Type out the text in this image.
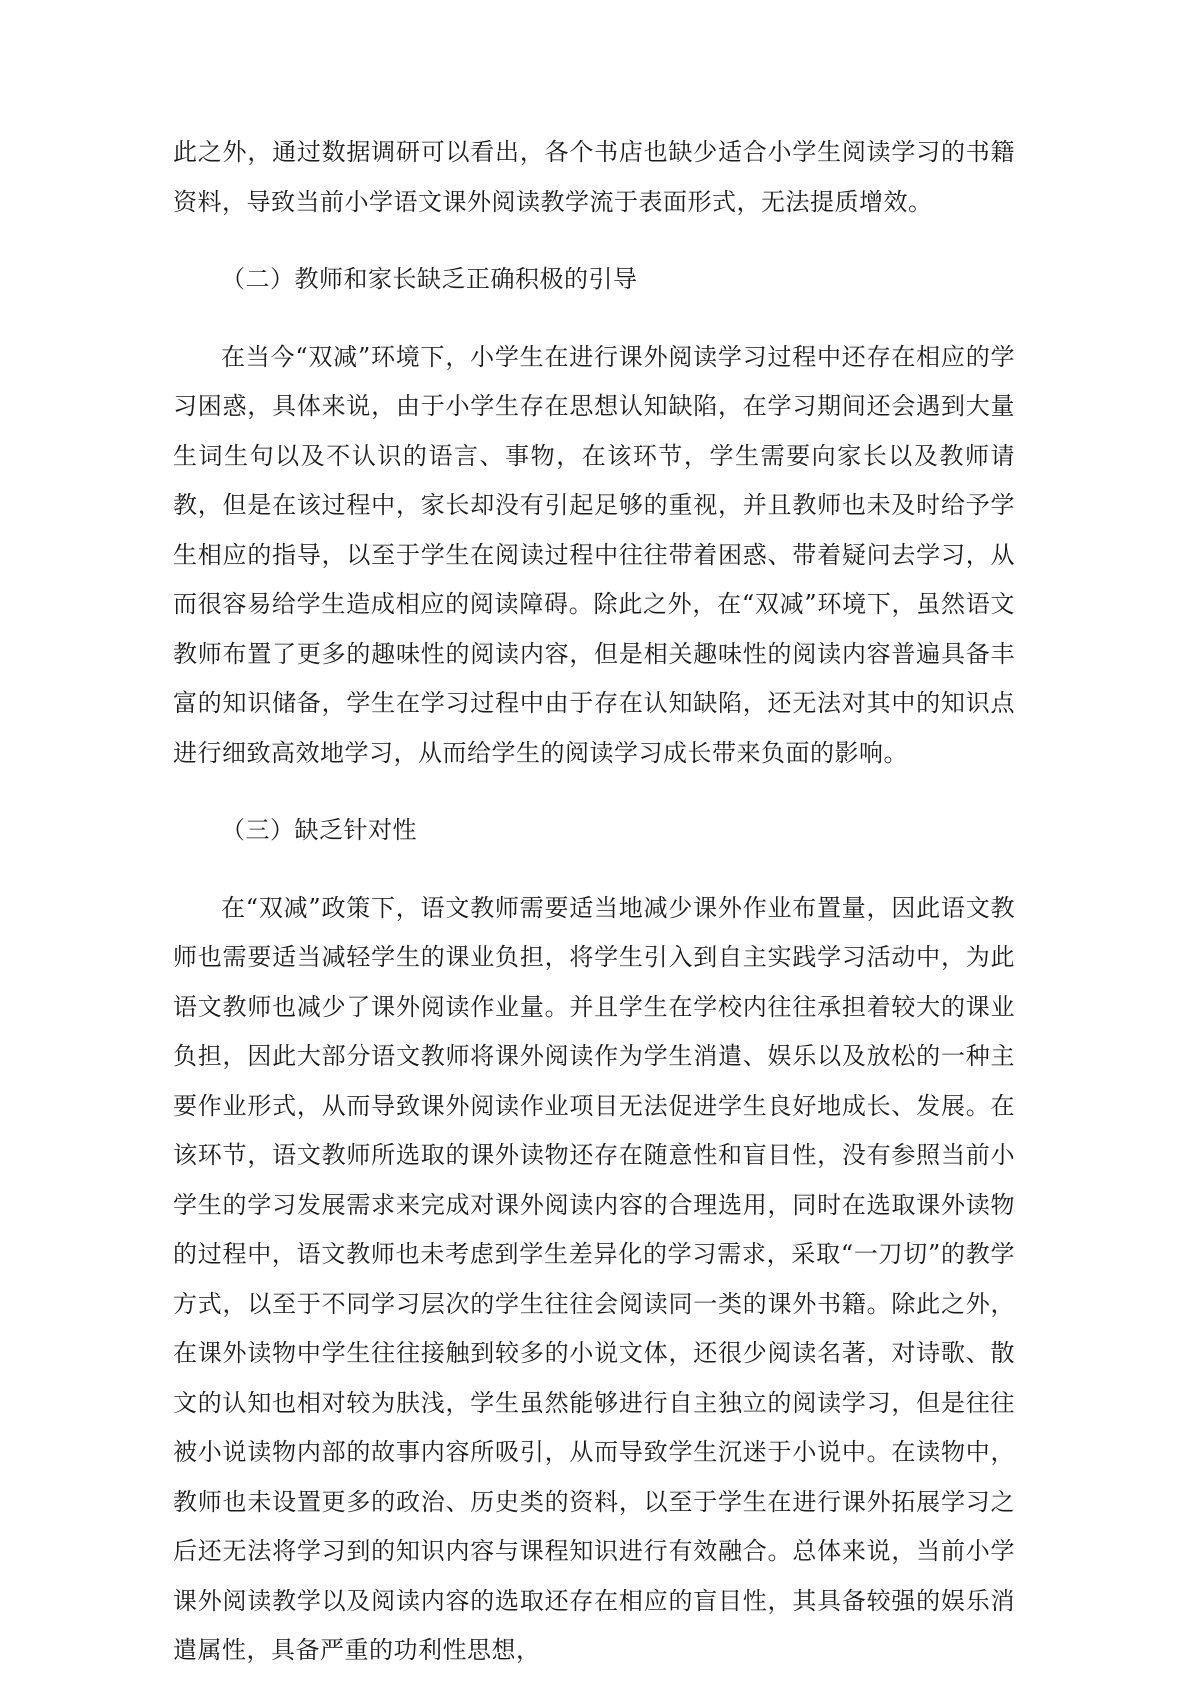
此之外，通过数据调研可以看出，各个书店也缺少适合小学生阅读学习的书籍资料，导致当前小学语文课外阅读教学流于表面形式，无法提质增效。

（二）教师和家长缺乏正确积极的引导

在当今“双减”环境下，小学生在进行课外阅读学习过程中还存在相应的学习困惑，具体来说，由于小学生存在思想认知缺陷，在学习期间还会遇到大量生词生句以及不认识的语言、事物，在该环节，学生需要向家长以及教师请教，但是在该过程中，家长却没有引起足够的重视，并且教师也未及时给予学生相应的指导，以至于学生在阅读过程中往往带着困惑、带着疑问去学习，从而很容易给学生造成相应的阅读障碍。除此之外，在“双减”环境下，虽然语文教师布置了更多的趣味性的阅读内容，但是相关趣味性的阅读内容普遍具备丰富的知识储备，学生在学习过程中由于存在认知缺陷，还无法对其中的知识点进行细致高效地学习，从而给学生的阅读学习成长带来负面的影响。

（三）缺乏针对性

在“双减”政策下，语文教师需要适当地减少课外作业布置量，因此语文教师也需要适当减轻学生的课业负担，将学生引入到自主实践学习活动中，为此语文教师也减少了课外阅读作业量。并且学生在学校内往往承担着较大的课业负担，因此大部分语文教师将课外阅读作为学生消遣、娱乐以及放松的一种主要作业形式，从而导致课外阅读作业项目无法促进学生良好地成长、发展。在该环节，语文教师所选取的课外读物还存在随意性和盲目性，没有参照当前小学生的学习发展需求来完成对课外阅读内容的合理选用，同时在选取课外读物的过程中，语文教师也未考虑到学生差异化的学习需求，采取“一刀切”的教学方式，以至于不同学习层次的学生往往会阅读同一类的课外书籍。除此之外，在课外读物中学生往往接触到较多的小说文体，还很少阅读名著，对诗歌、散文的认知也相对较为肤浅，学生虽然能够进行自主独立的阅读学习，但是往往被小说读物内部的故事内容所吸引，从而导致学生沉迷于小说中。在读物中，教师也未设置更多的政治、历史类的资料，以至于学生在进行课外拓展学习之后还无法将学习到的知识内容与课程知识进行有效融合。总体来说，当前小学课外阅读教学以及阅读内容的选取还存在相应的盲目性，其具备较强的娱乐消遣属性，具备严重的功利性思想，
